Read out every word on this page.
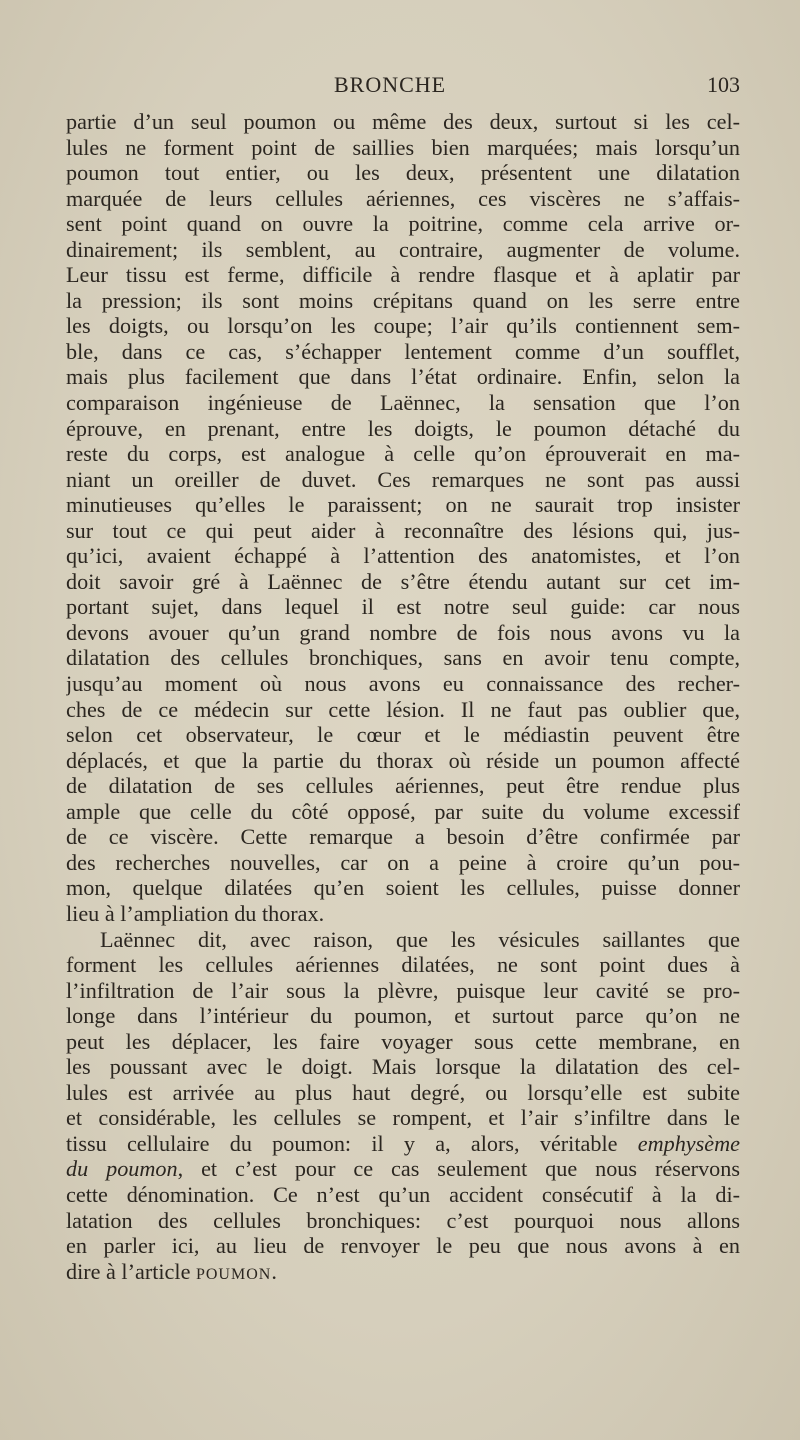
BRONCHE	103
partie d’un seul poumon ou même des deux, surtout si les cel-
lules ne forment point de saillies bien marquées; mais lorsqu’un
poumon tout entier, ou les deux, présentent une dilatation
marquée de leurs cellules aériennes, ces viscères ne s’affais-
sent point quand on ouvre la poitrine, comme cela arrive or-
dinairement; ils semblent, au contraire, augmenter de volume.
Leur tissu est ferme, difficile à rendre flasque et à aplatir par
la pression; ils sont moins crépitans quand on les serre entre
les doigts, ou lorsqu’on les coupe; l’air qu’ils contiennent sem-
ble, dans ce cas, s’échapper lentement comme d’un soufflet,
mais plus facilement que dans l’état ordinaire. Enfin, selon la
comparaison ingénieuse de Laënnec, la sensation que l’on
éprouve, en prenant, entre les doigts, le poumon détaché du
reste du corps, est analogue à celle qu’on éprouverait en ma-
niant un oreiller de duvet. Ces remarques ne sont pas aussi
minutieuses qu’elles le paraissent; on ne saurait trop insister
sur tout ce qui peut aider à reconnaître des lésions qui, jus-
qu’ici, avaient échappé à l’attention des anatomistes, et l’on
doit savoir gré à Laënnec de s’être étendu autant sur cet im-
portant sujet, dans lequel il est notre seul guide: car nous
devons avouer qu’un grand nombre de fois nous avons vu la
dilatation des cellules bronchiques, sans en avoir tenu compte,
jusqu’au moment où nous avons eu connaissance des recher-
ches de ce médecin sur cette lésion. Il ne faut pas oublier que,
selon cet observateur, le cœur et le médiastin peuvent être
déplacés, et que la partie du thorax où réside un poumon affecté
de dilatation de ses cellules aériennes, peut être rendue plus
ample que celle du côté opposé, par suite du volume excessif
de ce viscère. Cette remarque a besoin d’être confirmée par
des recherches nouvelles, car on a peine à croire qu’un pou-
mon, quelque dilatées qu’en soient les cellules, puisse donner
lieu à l’ampliation du thorax.
Laënnec dit, avec raison, que les vésicules saillantes que
forment les cellules aériennes dilatées, ne sont point dues à
l’infiltration de l’air sous la plèvre, puisque leur cavité se pro-
longe dans l’intérieur du poumon, et surtout parce qu’on ne
peut les déplacer, les faire voyager sous cette membrane, en
les poussant avec le doigt. Mais lorsque la dilatation des cel-
lules est arrivée au plus haut degré, ou lorsqu’elle est subite
et considérable, les cellules se rompent, et l’air s’infiltre dans le
tissu cellulaire du poumon: il y a, alors, véritable emphysème
du poumon, et c’est pour ce cas seulement que nous réservons
cette dénomination. Ce n’est qu’un accident consécutif à la di-
latation des cellules bronchiques: c’est pourquoi nous allons
en parler ici, au lieu de renvoyer le peu que nous avons à en
dire à l’article poumon.
